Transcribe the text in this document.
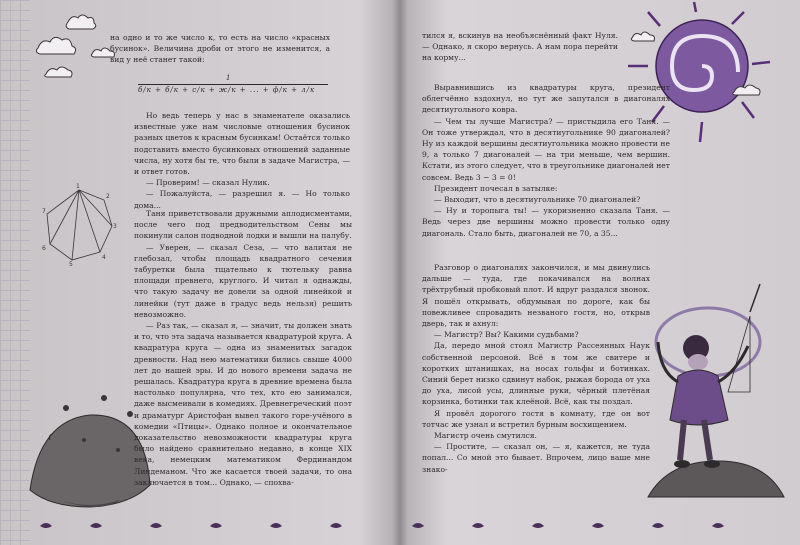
1
2
3
4
5
6
7

на одно и то же число к, то есть на число «красных бусинок». Величина дроби от этого не изменится, а вид у неё станет такой:

1
б/к + б/к + с/к + ж/к + ... + ф/к + л/к

Но ведь теперь у нас в знаменателе оказались известные уже нам числовые отношения бусинок разных цветов к красным бусинкам! Остаётся только подставить вместо бусинковых отношений заданные числа, ну хотя бы те, что были в задаче Магистра, — и ответ готов.

— Проверим! — сказал Нулик.

— Пожалуйста, — разрешил я. — Но только дома...

Таня приветствовали дружными аплодисментами, после чего под предводительством Сены мы покинули салон подводной лодки и вышли на палубу.

— Уверен, — сказал Сеза, — что валитая не глебозал, чтобы площадь квадратного сечения табуретки была тщательно к тютельку равна площади превнего, круглого. И читал я однажды, что такую задачу не довели за одной линейкой и линейки (тут даже в градус ведь нельзя) решить невозможно.

— Раз так, — сказал я, — значит, ты должен знать и то, что эта задача называется квадратурой круга. А квадратура круга — одна из знаменитых загадок древности. Над нею математики бились свыше 4000 лет до нашей эры. И до нового времени задача не решалась. Квадратура круга в древние времена была настолько популярна, что тех, кто ею занимался, даже высмеивали в комедиях. Древнегреческий поэт и драматург Аристофан вывел такого горе-учёного в комедии «Птицы». Однако полное и окончательное доказательство невозможности квадратуры круга было найдено сравнительно недавно, в конце XIX века, немецким математиком Фердинандом Линдеманом. Что же касается твоей задачи, то она заключается в том... Однако, — спохва-

тился я, вскинув на необъяснённый факт Нуля. — Однако, я скоро вернусь. А нам пора перейти на корму...

Выравнившись из квадратуры круга, президент облегчённо вздохнул, но тут же запутался в диагоналях десятиугольного ковра.

— Чем ты лучше Магистра? — пристыдила его Таня. — Он тоже утверждал, что в десятиугольнике 90 диагоналей? Ну из каждой вершины десятиугольника можно провести не 9, а только 7 диагоналей — на три меньше, чем вершин. Кстати, из этого следует, что в треугольнике диагоналей нет совсем. Ведь 3 − 3 = 0!

Президент почесал в затылке:

— Выходит, что в десятиугольнике 70 диагоналей?

— Ну и торопыга ты! — укоризненно сказала Таня. — Ведь через две вершины можно провести только одну диагональ. Стало быть, диагоналей не 70, а 35...

Разговор о диагоналях закончился, и мы двинулись дальше — туда, где покачивался на волнах трёхтрубный пробковый плот. И вдруг раздался звонок. Я пошёл открывать, обдумывая по дороге, как бы повежливее спровадить незваного гостя, но, открыв дверь, так и ахнул:

— Магистр? Вы? Какими судьбами?

Да, передо мной стоял Магистр Рассеянных Наук собственной персоной. Всё в том же свитере и коротких штанишках, на носах гольфы и ботинках. Синий берет низко сдвинут набок, рыжая борода от уха до уха, лисой усы, длинные руки, чёрный плетёная корзинка, ботинки так клеёной. Всё, как ты поздал.

Я провёл дорогого гостя в комнату, где он вот тотчас же узнал и встретил бурным восхищением.

Магистр очень смутился.

— Простите, — сказал он, — я, кажется, не туда попал... Со мной это бывает. Впрочем, лицо ваше мне знако-
